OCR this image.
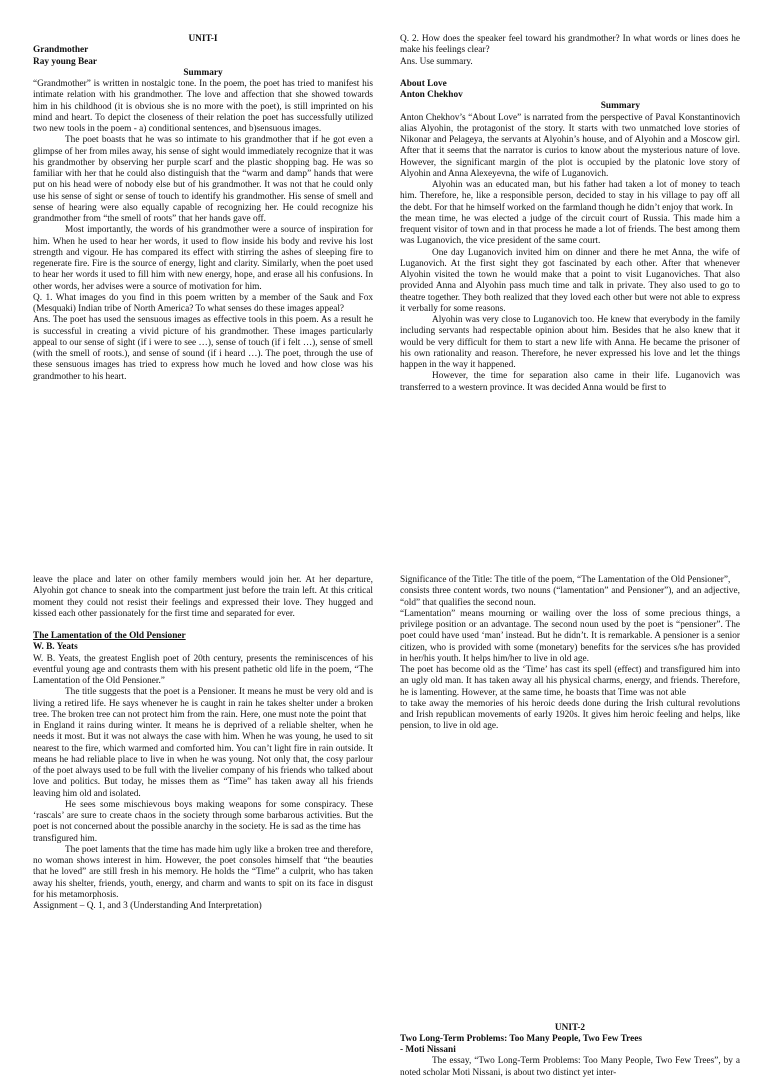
UNIT-I

Grandmother

Ray young Bear

Summary

“Grandmother” is written in nostalgic tone. In the poem, the poet has tried to manifest his intimate relation with his grandmother. The love and affection that she showed towards him in his childhood (it is obvious she is no more with the poet), is still imprinted on his mind and heart. To depict the closeness of their relation the poet has successfully utilized two new tools in the poem - a) conditional sentences, and b)sensuous images.

The poet boasts that he was so intimate to his grandmother that if he got even a glimpse of her from miles away, his sense of sight would immediately recognize that it was his grandmother by observing her purple scarf and the plastic shopping bag. He was so familiar with her that he could also distinguish that the “warm and damp” hands that were put on his head were of nobody else but of his grandmother. It was not that he could only use his sense of sight or sense of touch to identify his grandmother. His sense of smell and sense of hearing were also equally capable of recognizing her. He could recognize his grandmother from “the smell of roots” that her hands gave off.

Most importantly, the words of his grandmother were a source of inspiration for him. When he used to hear her words, it used to flow inside his body and revive his lost strength and vigour. He has compared its effect with stirring the ashes of sleeping fire to regenerate fire. Fire is the source of energy, light and clarity. Similarly, when the poet used to hear her words it used to fill him with new energy, hope, and erase all his confusions. In other words, her advises were a source of motivation for him.

Q. 1. What images do you find in this poem written by a member of the Sauk and Fox (Mesquaki) Indian tribe of North America? To what senses do these images appeal?

Ans. The poet has used the sensuous images as effective tools in this poem. As a result he is successful in creating a vivid picture of his grandmother. These images particularly appeal to our sense of sight (if i were to see …), sense of touch (if i felt …), sense of smell (with the smell of roots.), and sense of sound (if i heard …). The poet, through the use of these sensuous images has tried to express how much he loved and how close was his grandmother to his heart.

Q. 2. How does the speaker feel toward his grandmother? In what words or lines does he make his feelings clear?

Ans. Use summary.

About Love

Anton Chekhov

Summary

Anton Chekhov’s “About Love” is narrated from the perspective of Paval Konstantinovich alias Alyohin, the protagonist of the story. It starts with two unmatched love stories of Nikonar and Pelageya, the servants at Alyohin’s house, and of Alyohin and a Moscow girl. After that it seems that the narrator is curios to know about the mysterious nature of love. However, the significant margin of the plot is occupied by the platonic love story of Alyohin and Anna Alexeyevna, the wife of Luganovich.

Alyohin was an educated man, but his father had taken a lot of money to teach him. Therefore, he, like a responsible person, decided to stay in his village to pay off all the debt. For that he himself worked on the farmland though he didn’t enjoy that work. In

the mean time, he was elected a judge of the circuit court of Russia. This made him a frequent visitor of town and in that process he made a lot of friends. The best among them was Luganovich, the vice president of the same court.

One day Luganovich invited him on dinner and there he met Anna, the wife of Luganovich. At the first sight they got fascinated by each other. After that whenever Alyohin visited the town he would make that a point to visit Luganoviches. That also provided Anna and Alyohin pass much time and talk in private. They also used to go to theatre together. They both realized that they loved each other but were not able to express it verbally for some reasons.

Alyohin was very close to Luganovich too. He knew that everybody in the family including servants had respectable opinion about him. Besides that he also knew that it would be very difficult for them to start a new life with Anna. He became the prisoner of his own rationality and reason. Therefore, he never expressed his love and let the things happen in the way it happened.

However, the time for separation also came in their life. Luganovich was transferred to a western province. It was decided Anna would be first to

leave the place and later on other family members would join her. At her departure, Alyohin got chance to sneak into the compartment just before the train left. At this critical moment they could not resist their feelings and expressed their love. They hugged and kissed each other passionately for the first time and separated for ever.

The Lamentation of the Old Pensioner

W. B. Yeats

W. B. Yeats, the greatest English poet of 20th century, presents the reminiscences of his eventful young age and contrasts them with his present pathetic old life in the poem, “The Lamentation of the Old Pensioner.”

The title suggests that the poet is a Pensioner. It means he must be very old and is living a retired life. He says whenever he is caught in rain he takes shelter under a broken tree. The broken tree can not protect him from the rain. Here, one must note the point that

in England it rains during winter. It means he is deprived of a reliable shelter, when he needs it most. But it was not always the case with him. When he was young, he used to sit nearest to the fire, which warmed and comforted him. You can’t light fire in rain outside. It means he had reliable place to live in when he was young. Not only that, the cosy parlour of the poet always used to be full with the livelier company of his friends who talked about love and politics. But today, he misses them as “Time” has taken away all his friends leaving him old and isolated.

He sees some mischievous boys making weapons for some conspiracy. These ‘rascals’ are sure to create chaos in the society through some barbarous activities. But the poet is not concerned about the possible anarchy in the society. He is sad as the time has

transfigured him.

The poet laments that the time has made him ugly like a broken tree and therefore, no woman shows interest in him. However, the poet consoles himself that “the beauties that he loved” are still fresh in his memory. He holds the “Time” a culprit, who has taken away his shelter, friends, youth, energy, and charm and wants to spit on its face in disgust for his metamorphosis.

Assignment – Q. 1, and 3 (Understanding And Interpretation)

Significance of the Title: The title of the poem, “The Lamentation of the Old Pensioner”,

consists three content words, two nouns (“lamentation” and Pensioner”), and an adjective, “old” that qualifies the second noun.

“Lamentation” means mourning or wailing over the loss of some precious things, a privilege position or an advantage. The second noun used by the poet is “pensioner”. The poet could have used ‘man’ instead. But he didn’t. It is remarkable. A pensioner is a senior citizen, who is provided with some (monetary) benefits for the services s/he has provided in her/his youth. It helps him/her to live in old age.

The poet has become old as the ‘Time’ has cast its spell (effect) and transfigured him into an ugly old man. It has taken away all his physical charms, energy, and friends. Therefore, he is lamenting. However, at the same time, he boasts that Time was not able

to take away the memories of his heroic deeds done during the Irish cultural revolutions and Irish republican movements of early 1920s. It gives him heroic feeling and helps, like pension, to live in old age.

UNIT-2

Two Long-Term Problems: Too Many People, Two Few Trees

- Moti Nissani

The essay, “Two Long-Term Problems: Too Many People, Two Few Trees”, by a noted scholar Moti Nissani, is about two distinct yet inter-
